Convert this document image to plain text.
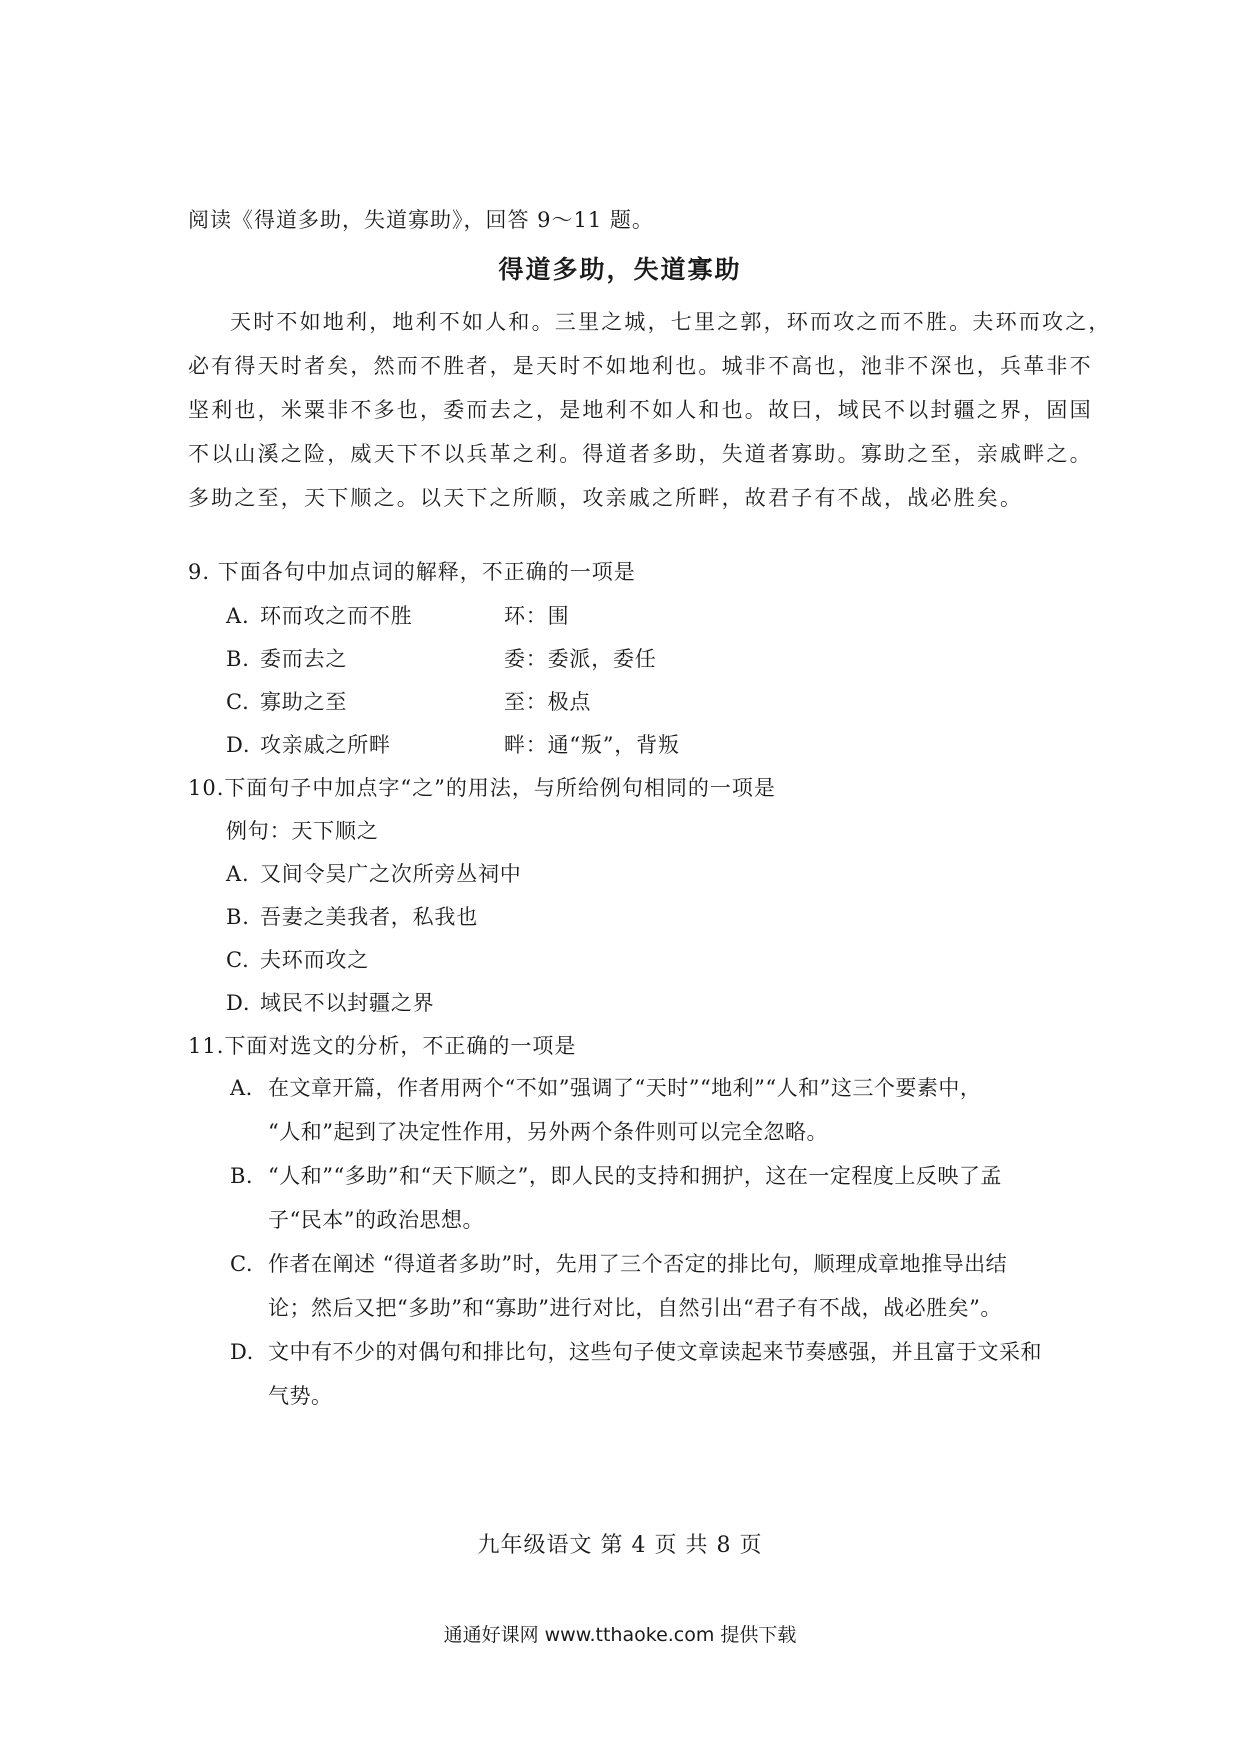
阅读《得道多助，失道寡助》，回答 9～11 题。
得道多助，失道寡助
天时不如地利，地利不如人和。三里之城，七里之郭，环而攻之而不胜。夫环而攻之，
必有得天时者矣，然而不胜者，是天时不如地利也。城非不高也，池非不深也，兵革非不
坚利也，米粟非不多也，委而去之，是地利不如人和也。故曰，域民不以封疆之界，固国
不以山溪之险，威天下不以兵革之利。得道者多助，失道者寡助。寡助之至，亲戚畔之。
多助之至，天下顺之。以天下之所顺，攻亲戚之所畔，故君子有不战，战必胜矣。
9. 下面各句中加点词的解释，不正确的一项是
A. 环而攻之而不胜	环：围
B. 委而去之	委：委派，委任
C. 寡助之至	至：极点
D. 攻亲戚之所畔	畔：通“叛”，背叛
10.下面句子中加点字“之”的用法，与所给例句相同的一项是
例句：天下顺之
A. 又间令吴广之次所旁丛祠中
B. 吾妻之美我者，私我也
C. 夫环而攻之
D. 域民不以封疆之界
11.下面对选文的分析，不正确的一项是
A. 在文章开篇，作者用两个“不如”强调了“天时”“地利”“人和”这三个要素中，
“人和”起到了决定性作用，另外两个条件则可以完全忽略。
B. “人和”“多助”和“天下顺之”，即人民的支持和拥护，这在一定程度上反映了孟
子“民本”的政治思想。
C. 作者在阐述 “得道者多助”时，先用了三个否定的排比句，顺理成章地推导出结
论；然后又把“多助”和“寡助”进行对比，自然引出“君子有不战，战必胜矣”。
D. 文中有不少的对偶句和排比句，这些句子使文章读起来节奏感强，并且富于文采和
气势。
九年级语文 第 4 页 共 8 页
通通好课网 www.tthaoke.com 提供下载
